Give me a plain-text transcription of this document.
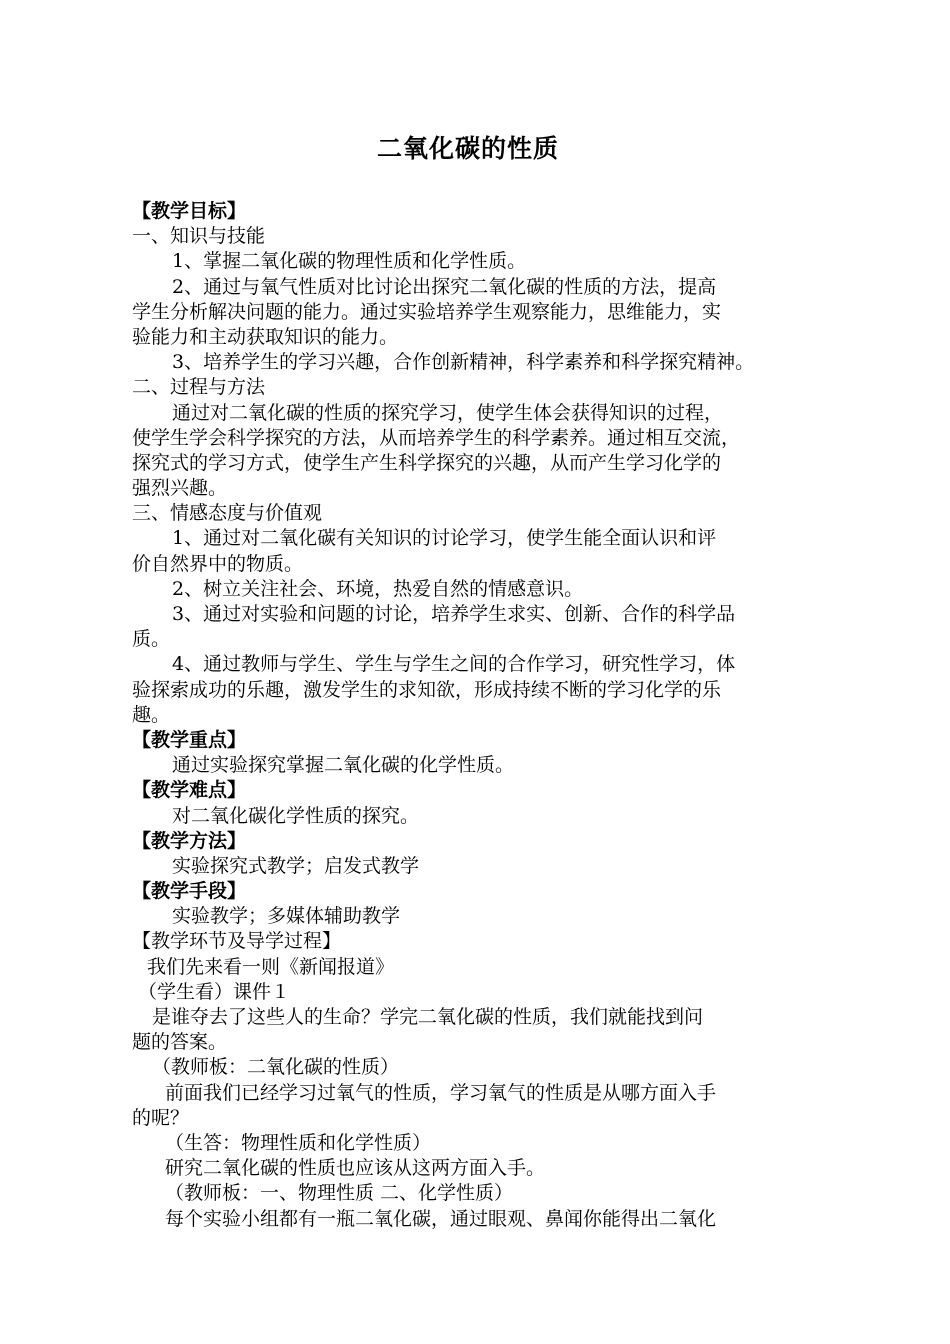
二氧化碳的性质
【教学目标】
一、知识与技能
1、掌握二氧化碳的物理性质和化学性质。
2、通过与氧气性质对比讨论出探究二氧化碳的性质的方法，提高
学生分析解决问题的能力。通过实验培养学生观察能力，思维能力，实
验能力和主动获取知识的能力。
3、培养学生的学习兴趣，合作创新精神，科学素养和科学探究精神。
二、过程与方法
通过对二氧化碳的性质的探究学习，使学生体会获得知识的过程，
使学生学会科学探究的方法，从而培养学生的科学素养。通过相互交流，
探究式的学习方式，使学生产生科学探究的兴趣，从而产生学习化学的
强烈兴趣。
三、情感态度与价值观
1、通过对二氧化碳有关知识的讨论学习，使学生能全面认识和评
价自然界中的物质。
2、树立关注社会、环境，热爱自然的情感意识。
3、通过对实验和问题的讨论，培养学生求实、创新、合作的科学品
质。
4、通过教师与学生、学生与学生之间的合作学习，研究性学习，体
验探索成功的乐趣，激发学生的求知欲，形成持续不断的学习化学的乐
趣。
【教学重点】
通过实验探究掌握二氧化碳的化学性质。
【教学难点】
对二氧化碳化学性质的探究。
【教学方法】
实验探究式教学；启发式教学
【教学手段】
实验教学；多媒体辅助教学
【教学环节及导学过程】
我们先来看一则《新闻报道》
（学生看）课件１
是谁夺去了这些人的生命？学完二氧化碳的性质，我们就能找到问
题的答案。
（教师板：二氧化碳的性质）
前面我们已经学习过氧气的性质，学习氧气的性质是从哪方面入手
的呢？
（生答：物理性质和化学性质）
研究二氧化碳的性质也应该从这两方面入手。
（教师板：一、物理性质 二、化学性质）
每个实验小组都有一瓶二氧化碳，通过眼观、鼻闻你能得出二氧化
